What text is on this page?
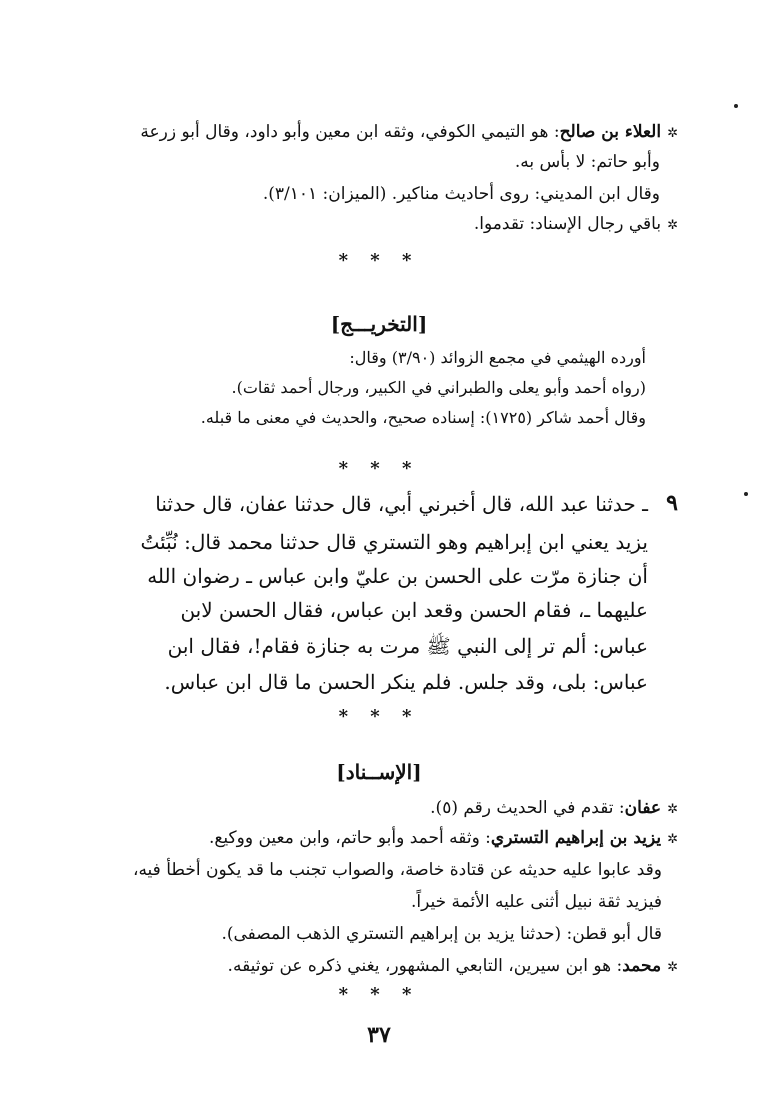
✲العلاء بن صالح: هو التيمي الكوفي، وثقه ابن معين وأبو داود، وقال أبو زرعة
وأبو حاتم: لا بأس به.
وقال ابن المديني: روى أحاديث مناكير. (الميزان: ٣/١٠١).
✲باقي رجال الإسناد: تقدموا.
* * *
[التخريـــج]
أورده الهيثمي في مجمع الزوائد (٣/٩٠) وقال:
(رواه أحمد وأبو يعلى والطبراني في الكبير، ورجال أحمد ثقات).
وقال أحمد شاكر (١٧٢٥): إسناده صحيح، والحديث في معنى ما قبله.
* * *
٩
ـ حدثنا عبد الله، قال أخبرني أبي، قال حدثنا عفان، قال حدثنا
يزيد يعني ابن إبراهيم وهو التستري قال حدثنا محمد قال: نُبِّئتُ
أن جنازة مرّت على الحسن بن عليّ وابن عباس ـ رضوان الله
عليهما ـ، فقام الحسن وقعد ابن عباس، فقال الحسن لابن
عباس: ألم تر إلى النبي ﷺ مرت به جنازة فقام!، فقال ابن
عباس: بلى، وقد جلس. فلم ينكر الحسن ما قال ابن عباس.
* * *
[الإســناد]
✲عفان: تقدم في الحديث رقم (٥).
✲يزيد بن إبراهيم التستري: وثقه أحمد وأبو حاتم، وابن معين ووكيع.
وقد عابوا عليه حديثه عن قتادة خاصة، والصواب تجنب ما قد يكون أخطأ فيه،
فيزيد ثقة نبيل أثنى عليه الأئمة خيراً.
قال أبو قطن: (حدثنا يزيد بن إبراهيم التستري الذهب المصفى).
✲محمد: هو ابن سيرين، التابعي المشهور، يغني ذكره عن توثيقه.
* * *
٣٧
